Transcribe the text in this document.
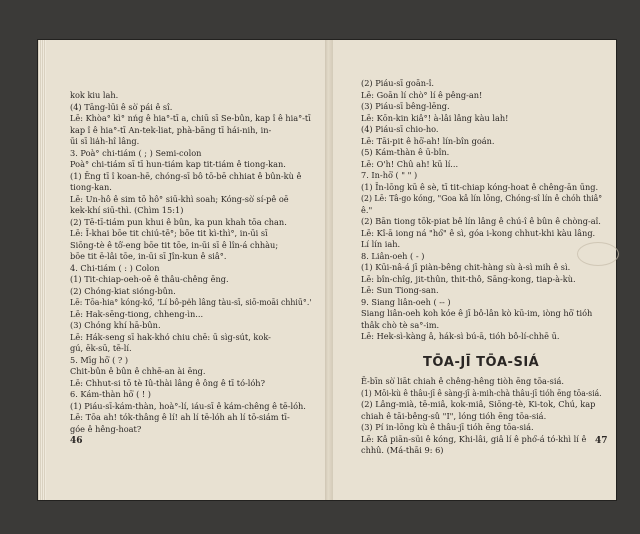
kok kiu lah.
(4) Tāng-lūi ê sò͘ pái ê sî.
Lē: Khòa° kì° nńg ê hia°-tī a, chiū sī Se-bûn, kap î ê hia°-tī
kap î ê hia°-tī An-tek-liat, phà-bāng tī hái-nih, in-
ūi sī lia̍h-hî lâng.
3. Poà° chi-tiám ( ; ) Semi-colon
Poà° chi-tiám sī tī hun-tiám kap tit-tiám ê tiong-kan.
(1) Ēng tī î koan-hē, chóng-sī bô tō-bē chhiat ê bûn-kù ê
tiong-kan.
Lē: Un-hô ê sim tō hô° siū-khì soah; Kóng-sò͘ sí-pê oē
kek-khí siū-thì. (Chìm 15:1)
(2) Tē-tī-tiám pun khui ê bûn, ka pun khah tōa chan.
Lē: Ī-khai bōe tit chiú-tē°; bōe tit kì-thì°, in-ūi sī
Siōng-tè ê tô͘-eng bōe tit tōe, in-ūi sī ê lîn-á chhàu;
bōe tit ē-lâi tōe, in-ūi sī Jîn-kun ê siâ°.
4. Chi-tiám ( : ) Colon
(1) Tit-chiap-oeh-oē ê thâu-chêng ēng.
(2) Chóng-kiat sióng-bûn.
Lē: Tōa-hia° kóng-kó͘, 'Lí bô-pe̍h lâng tàu-sī, siō-moāi chhiū°.'
Lē: Hak-sēng-tiong, chheng-ìn...
(3) Chóng khí hā-bûn.
Lē: Hák-seng sī hak-khó chiu chē: ū sìg-sút, kok-
gú, ēk-sū, tē-lí.
5. Mīg hō͘ ( ? )
Chit-bûn ê bûn ê chhē-an ài ēng.
Lē: Chhut-si tō tè Iû-thài lâng ê ông ê tī tó-lóh?
6. Kám-thàn hō͘ ( ! )
(1) Piáu-sī-kám-thàn, hoà°-lí, iáu-sī ê kám-chêng ê tē-lóh.
Lē: Tōa ah! tók-thâng ê lí! ah lí tē-lóh ah lí tō-siám tī-
góe ê hêng-hoat?
46
(2) Piáu-sī goān-î.
Lē: Goān lí chò° lí ê pêng-an!
(3) Piáu-sī bêng-lēng.
Lē: Kōn-kin kiâ°! à-lâi lâng kàu lah!
(4) Piáu-sī chio-ho.
Lē: Tāi-pit ê hō͘-ah! lín-bîn goán.
(5) Kám-thàn ê ū-bîn.
Lē: O'h! Chû ah! kū lí...
7. In-hō͘ ( " " )
(1) Īn-lōng kū ê sè, tī tit-chiap kóng-hoat ê chêng-ān ūng.
(2) Lē: Tâ-go kóng, "Goa kâ lín lōng, Chóng-sî lín ê chóh thiâ°
ê."
(2) Bān tiong tōk-piat bê lín lâng ê chú-î ê bûn ê chòng-aî.
Lē: Kî-ā iong ná "hó͘" ê sì, góa i-kong chhut-khi kàu lâng.
Lí lín iah.
8. Liân-oeh ( - )
(1) Kūi-nâ-á jī piàn-bêng chit-hàng sù à-sì mih ê sì.
Lē: bîn-chîg, jit-thûn, thit-thô, Sāng-kong, tiap-à-kù.
Lē: Sun Tiong-san.
9. Siang liân-oeh ( -- )
Siang liân-oeh koh kóe ê jī bô-lân kò kū-im, iòng hō͘ tióh
thâk chò tè sa°-im.
Lē: Hek-sì-kàng â, hák-sì bú-ā, tióh bô-lí-chhē ū.
Ē-bīn sò͘ liāt chiah ê chêng-hêng tiòh ēng tōa-siá.
(1) Mōi-kù ê thâu-jī ê sàng-jī à-mih-chà thâu-jī tióh ēng tōa-siá.
(2) Lâng-mià, tē-miâ, kok-miâ, Siōng-tè, Ki-tok, Chú, kap
chiah ê tāi-bêng-sû "I", lóng tióh ēng tōa-siá.
(3) Pí in-lōng kù ê thâu-jī tióh ēng tōa-siá.
Lē: Kâ piān-sūi ê kóng, Khi-lâi, giâ lí ê phó͘-á tó-khì lí ê
chhû. (Má-thāi 9: 6)
TŌA-JĪ TŌA-SIÁ
47
